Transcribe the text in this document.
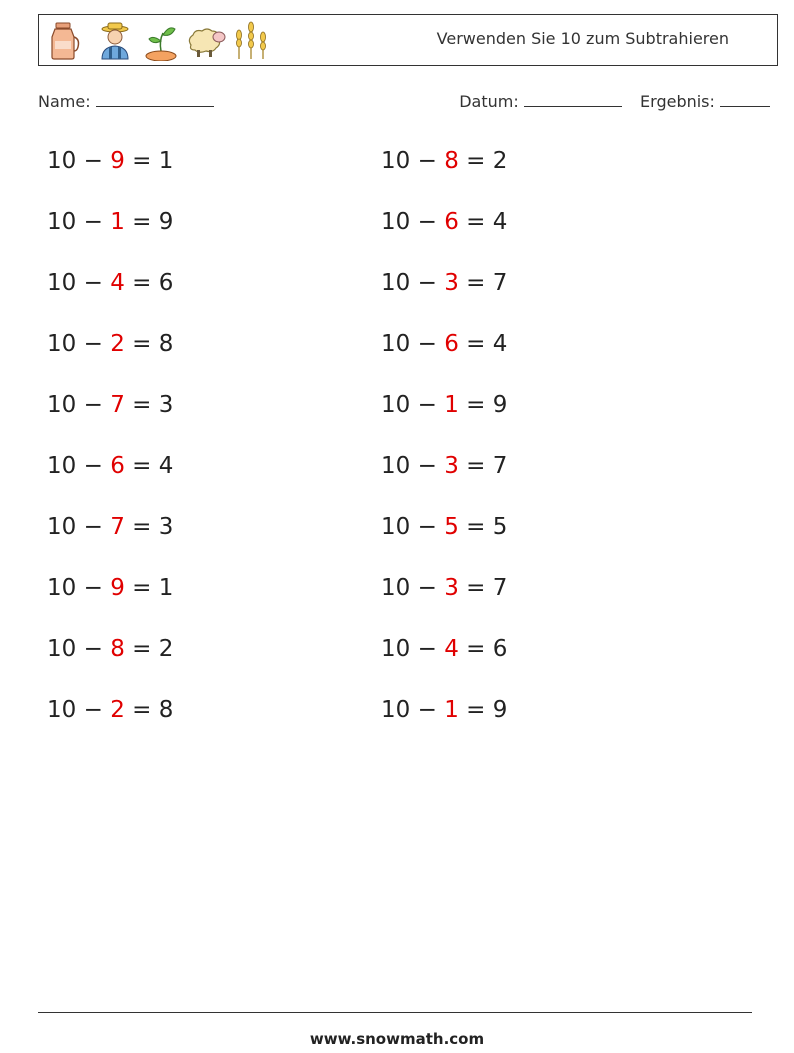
Verwenden Sie 10 zum Subtrahieren
Name:	Datum:	Ergebnis:
10 − 9 = 1
10 − 1 = 9
10 − 4 = 6
10 − 2 = 8
10 − 7 = 3
10 − 6 = 4
10 − 7 = 3
10 − 9 = 1
10 − 8 = 2
10 − 2 = 8
10 − 8 = 2
10 − 6 = 4
10 − 3 = 7
10 − 6 = 4
10 − 1 = 9
10 − 3 = 7
10 − 5 = 5
10 − 3 = 7
10 − 4 = 6
10 − 1 = 9
www.snowmath.com
